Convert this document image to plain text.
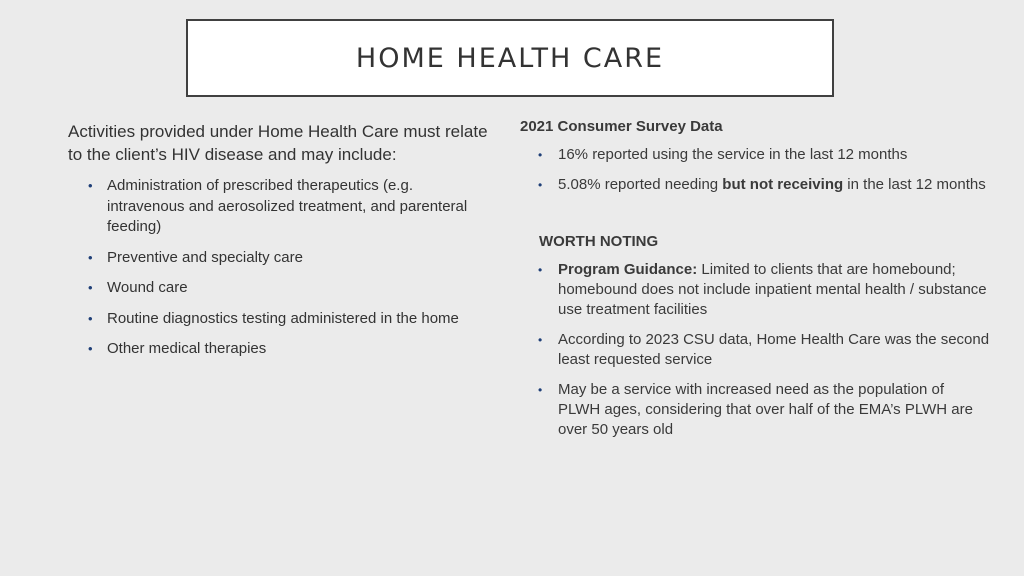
HOME HEALTH CARE

Activities provided under Home Health Care must relate to the client’s HIV disease and may include:

• Administration of prescribed therapeutics (e.g. intravenous and aerosolized treatment, and parenteral feeding)
• Preventive and specialty care
• Wound care
• Routine diagnostics testing administered in the home
• Other medical therapies

2021 Consumer Survey Data

• 16% reported using the service in the last 12 months
• 5.08% reported needing but not receiving in the last 12 months

WORTH NOTING

• Program Guidance: Limited to clients that are homebound; homebound does not include inpatient mental health / substance use treatment facilities
• According to 2023 CSU data, Home Health Care was the second least requested service
• May be a service with increased need as the population of PLWH ages, considering that over half of the EMA’s PLWH are over 50 years old
